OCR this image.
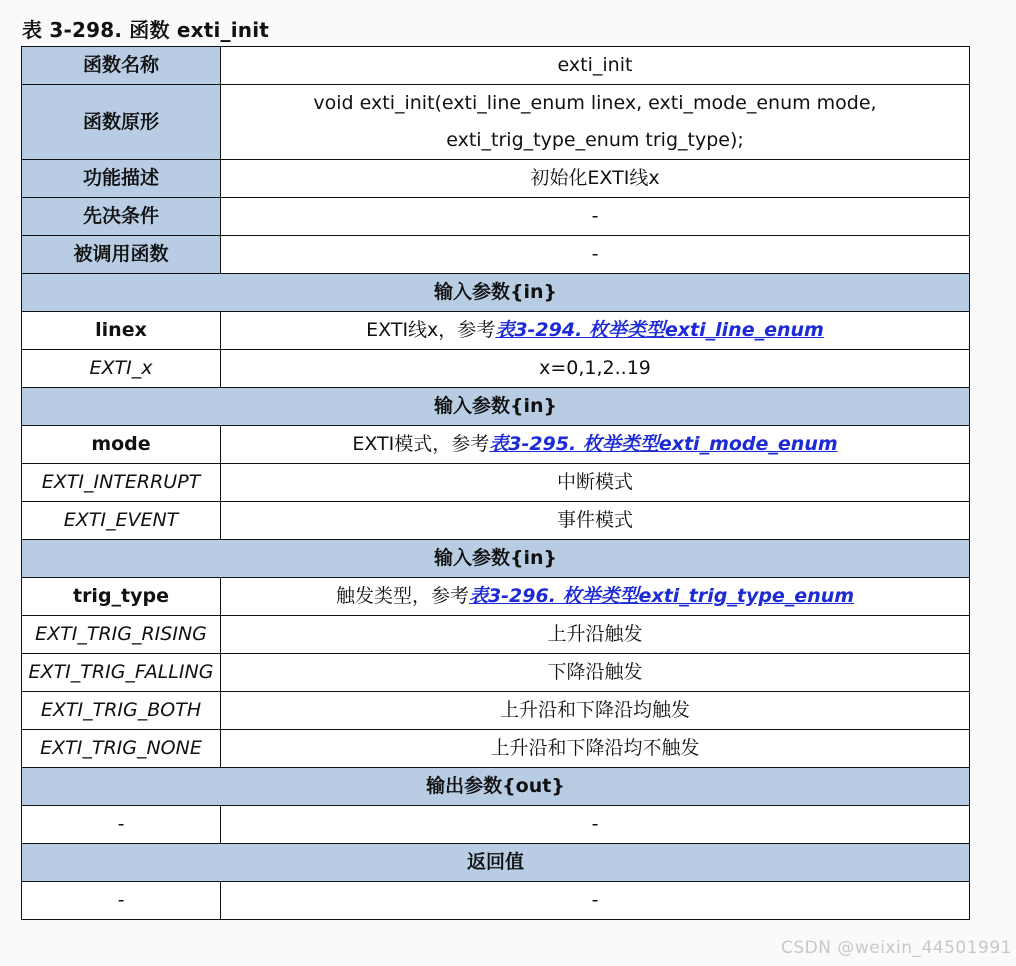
表 3-298. 函数 exti_init
函数名称	exti_init
函数原形	void exti_init(exti_line_enum linex, exti_mode_enum mode,
exti_trig_type_enum trig_type);

功能描述	初始化EXTI线x
先决条件	-
被调用函数	-
输入参数{in}	
linex	EXTI线x，参考表3-294. 枚举类型exti_line_enum
EXTI_x	x=0,1,2..19
输入参数{in}	
mode	EXTI模式，参考表3-295. 枚举类型exti_mode_enum
EXTI_INTERRUPT	中断模式
EXTI_EVENT	事件模式
输入参数{in}	
trig_type	触发类型，参考表3-296. 枚举类型exti_trig_type_enum
EXTI_TRIG_RISING	上升沿触发
EXTI_TRIG_FALLING	下降沿触发
EXTI_TRIG_BOTH	上升沿和下降沿均触发
EXTI_TRIG_NONE	上升沿和下降沿均不触发
输出参数{out}	
-	-
返回值	
-	-
CSDN @weixin_44501991
